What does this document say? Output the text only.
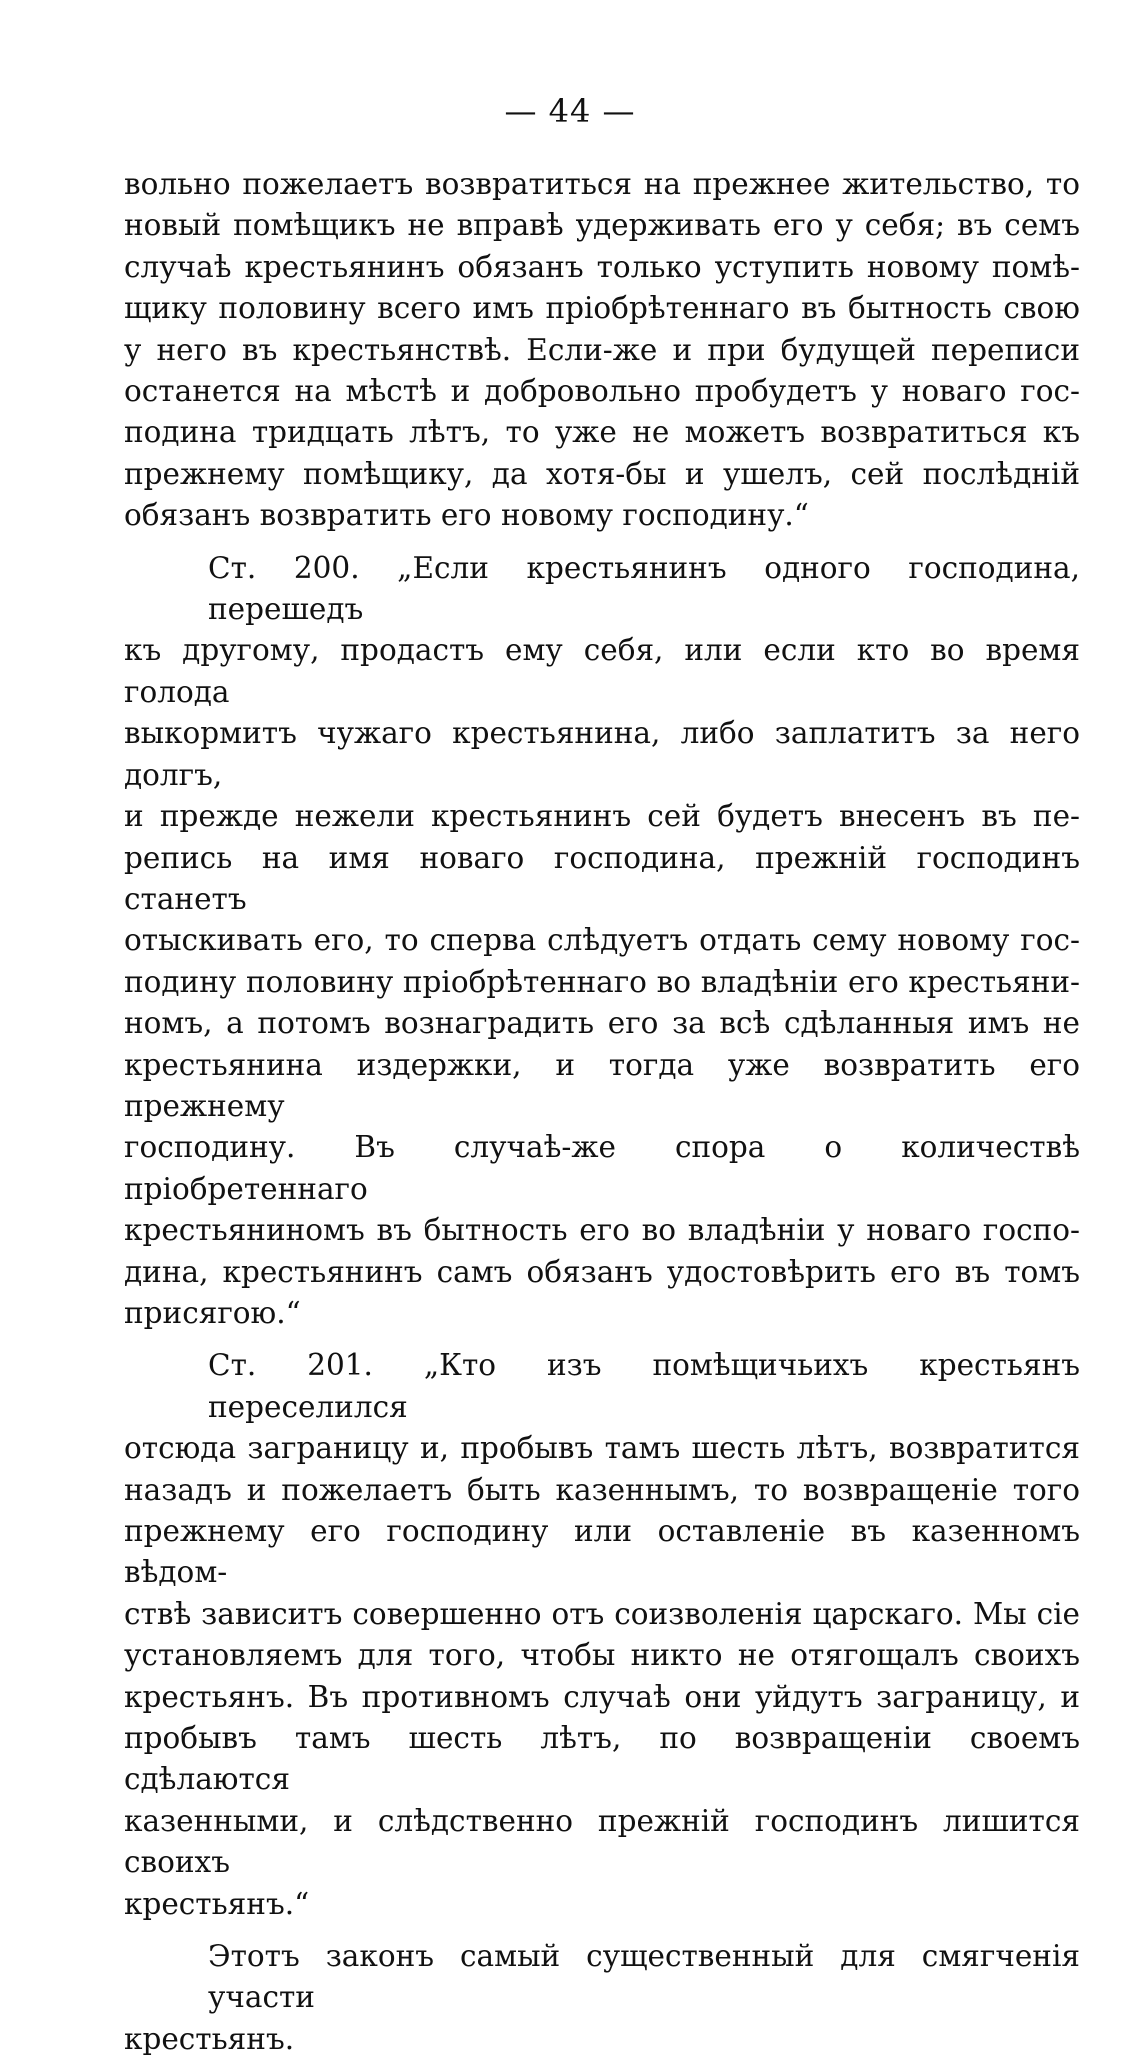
— 44 —

вольно пожелаетъ возвратиться на прежнее жительство, то

новый помѣщикъ не вправѣ удерживать его у себя; въ семъ

случаѣ крестьянинъ обязанъ только уступить новому помѣ-

щику половину всего имъ пріобрѣтеннаго въ бытность свою

у него въ крестьянствѣ. Если-же и при будущей переписи

останется на мѣстѣ и добровольно пробудетъ у новаго гос-

подина тридцать лѣтъ, то уже не можетъ возвратиться къ

прежнему помѣщику, да хотя-бы и ушелъ, сей послѣдній

обязанъ возвратить его новому господину.“

Ст. 200. „Если крестьянинъ одного господина, перешедъ

къ другому, продастъ ему себя, или если кто во время голода

выкормитъ чужаго крестьянина, либо заплатитъ за него долгъ,

и прежде нежели крестьянинъ сей будетъ внесенъ въ пе-

репись на имя новаго господина, прежній господинъ станетъ

отыскивать его, то сперва слѣдуетъ отдать сему новому гос-

подину половину пріобрѣтеннаго во владѣніи его крестьяни-

номъ, а потомъ вознаградить его за всѣ сдѣланныя имъ не

крестьянина издержки, и тогда уже возвратить его прежнему

господину. Въ случаѣ-же спора о количествѣ пріобретеннаго

крестьяниномъ въ бытность его во владѣніи у новаго госпо-

дина, крестьянинъ самъ обязанъ удостовѣрить его въ томъ

присягою.“

Ст. 201. „Кто изъ помѣщичьихъ крестьянъ переселился

отсюда заграницу и, пробывъ тамъ шесть лѣтъ, возвратится

назадъ и пожелаетъ быть казеннымъ, то возвращеніе того

прежнему его господину или оставленіе въ казенномъ вѣдом-

ствѣ зависитъ совершенно отъ соизволенія царскаго. Мы сіе

установляемъ для того, чтобы никто не отягощалъ своихъ

крестьянъ. Въ противномъ случаѣ они уйдутъ заграницу, и

пробывъ тамъ шесть лѣтъ, по возвращеніи своемъ сдѣлаются

казенными, и слѣдственно прежній господинъ лишится своихъ

крестьянъ.“

Этотъ законъ самый существенный для смягченія участи

крестьянъ.
